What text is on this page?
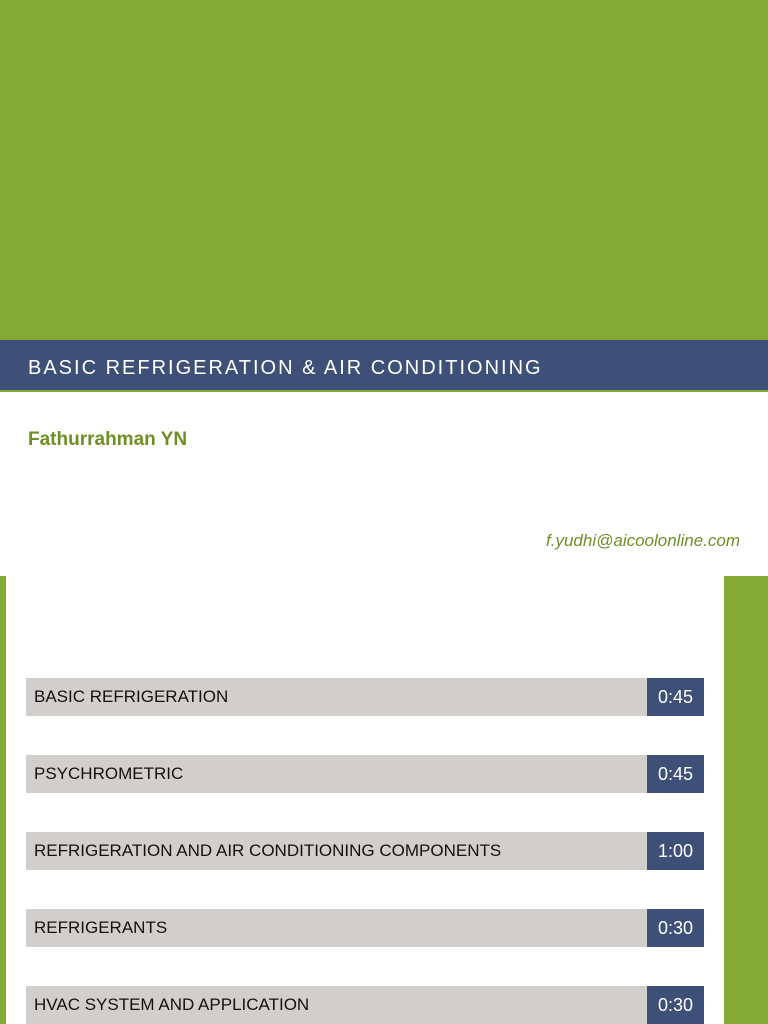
BASIC REFRIGERATION & AIR CONDITIONING
Fathurrahman YN
f.yudhi@aicoolonline.com
BASIC REFRIGERATION	0:45
PSYCHROMETRIC	0:45
REFRIGERATION AND AIR CONDITIONING COMPONENTS	1:00
REFRIGERANTS	0:30
HVAC SYSTEM AND APPLICATION	0:30
